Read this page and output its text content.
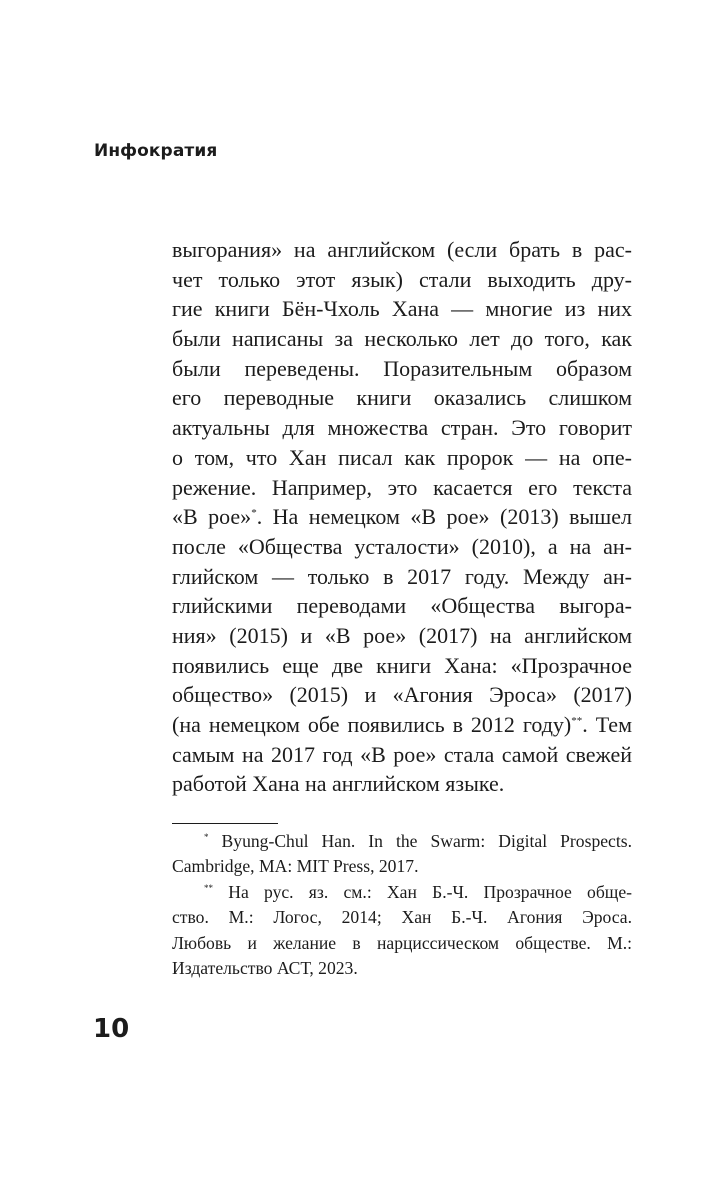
Инфократия
выгорания» на английском (если брать в рас-
чет только этот язык) стали выходить дру-
гие книги Бён-Чхоль Хана — многие из них
были написаны за несколько лет до того, как
были переведены. Поразительным образом
его переводные книги оказались слишком
актуальны для множества стран. Это говорит
о том, что Хан писал как пророк — на опе-
режение. Например, это касается его текста
«В рое»*. На немецком «В рое» (2013) вышел
после «Общества усталости» (2010), а на ан-
глийском — только в 2017 году. Между ан-
глийскими переводами «Общества выгора-
ния» (2015) и «В рое» (2017) на английском
появились еще две книги Хана: «Прозрачное
общество» (2015) и «Агония Эроса» (2017)
(на немецком обе появились в 2012 году)**. Тем
самым на 2017 год «В рое» стала самой свежей
работой Хана на английском языке.
* Byung-Chul Han. In the Swarm: Digital Prospects.
Cambridge, MA: MIT Press, 2017.
** На рус. яз. см.: Хан Б.-Ч. Прозрачное обще-
ство. М.: Логос, 2014; Хан Б.-Ч. Агония Эроса.
Любовь и желание в нарциссическом обществе. М.:
Издательство АСТ, 2023.
10
